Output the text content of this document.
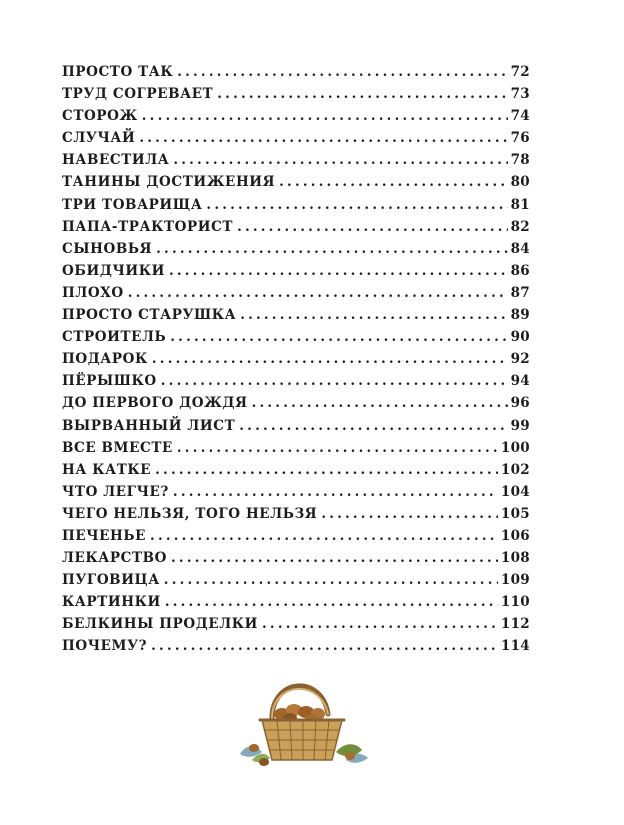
ПРОСТО ТАК .....	72
ТРУД СОГРЕВАЕТ .....	73
СТОРОЖ .....	74
СЛУЧАЙ .....	76
НАВЕСТИЛА .....	78
ТАНИНЫ ДОСТИЖЕНИЯ .....	80
ТРИ ТОВАРИЩА .....	81
ПАПА-ТРАКТОРИСТ .....	82
СЫНОВЬЯ .....	84
ОБИДЧИКИ .....	86
ПЛОХО .....	87
ПРОСТО СТАРУШКА .....	89
СТРОИТЕЛЬ .....	90
ПОДАРОК .....	92
ПЁРЫШКО .....	94
ДО ПЕРВОГО ДОЖДЯ .....	96
ВЫРВАННЫЙ ЛИСТ .....	99
ВСЕ ВМЕСТЕ .....	100
НА КАТКЕ .....	102
ЧТО ЛЕГЧЕ? .....	104
ЧЕГО НЕЛЬЗЯ, ТОГО НЕЛЬЗЯ .....	105
ПЕЧЕНЬЕ .....	106
ЛЕКАРСТВО .....	108
ПУГОВИЦА .....	109
КАРТИНКИ .....	110
БЕЛКИНЫ ПРОДЕЛКИ .....	112
ПОЧЕМУ? .....	114
